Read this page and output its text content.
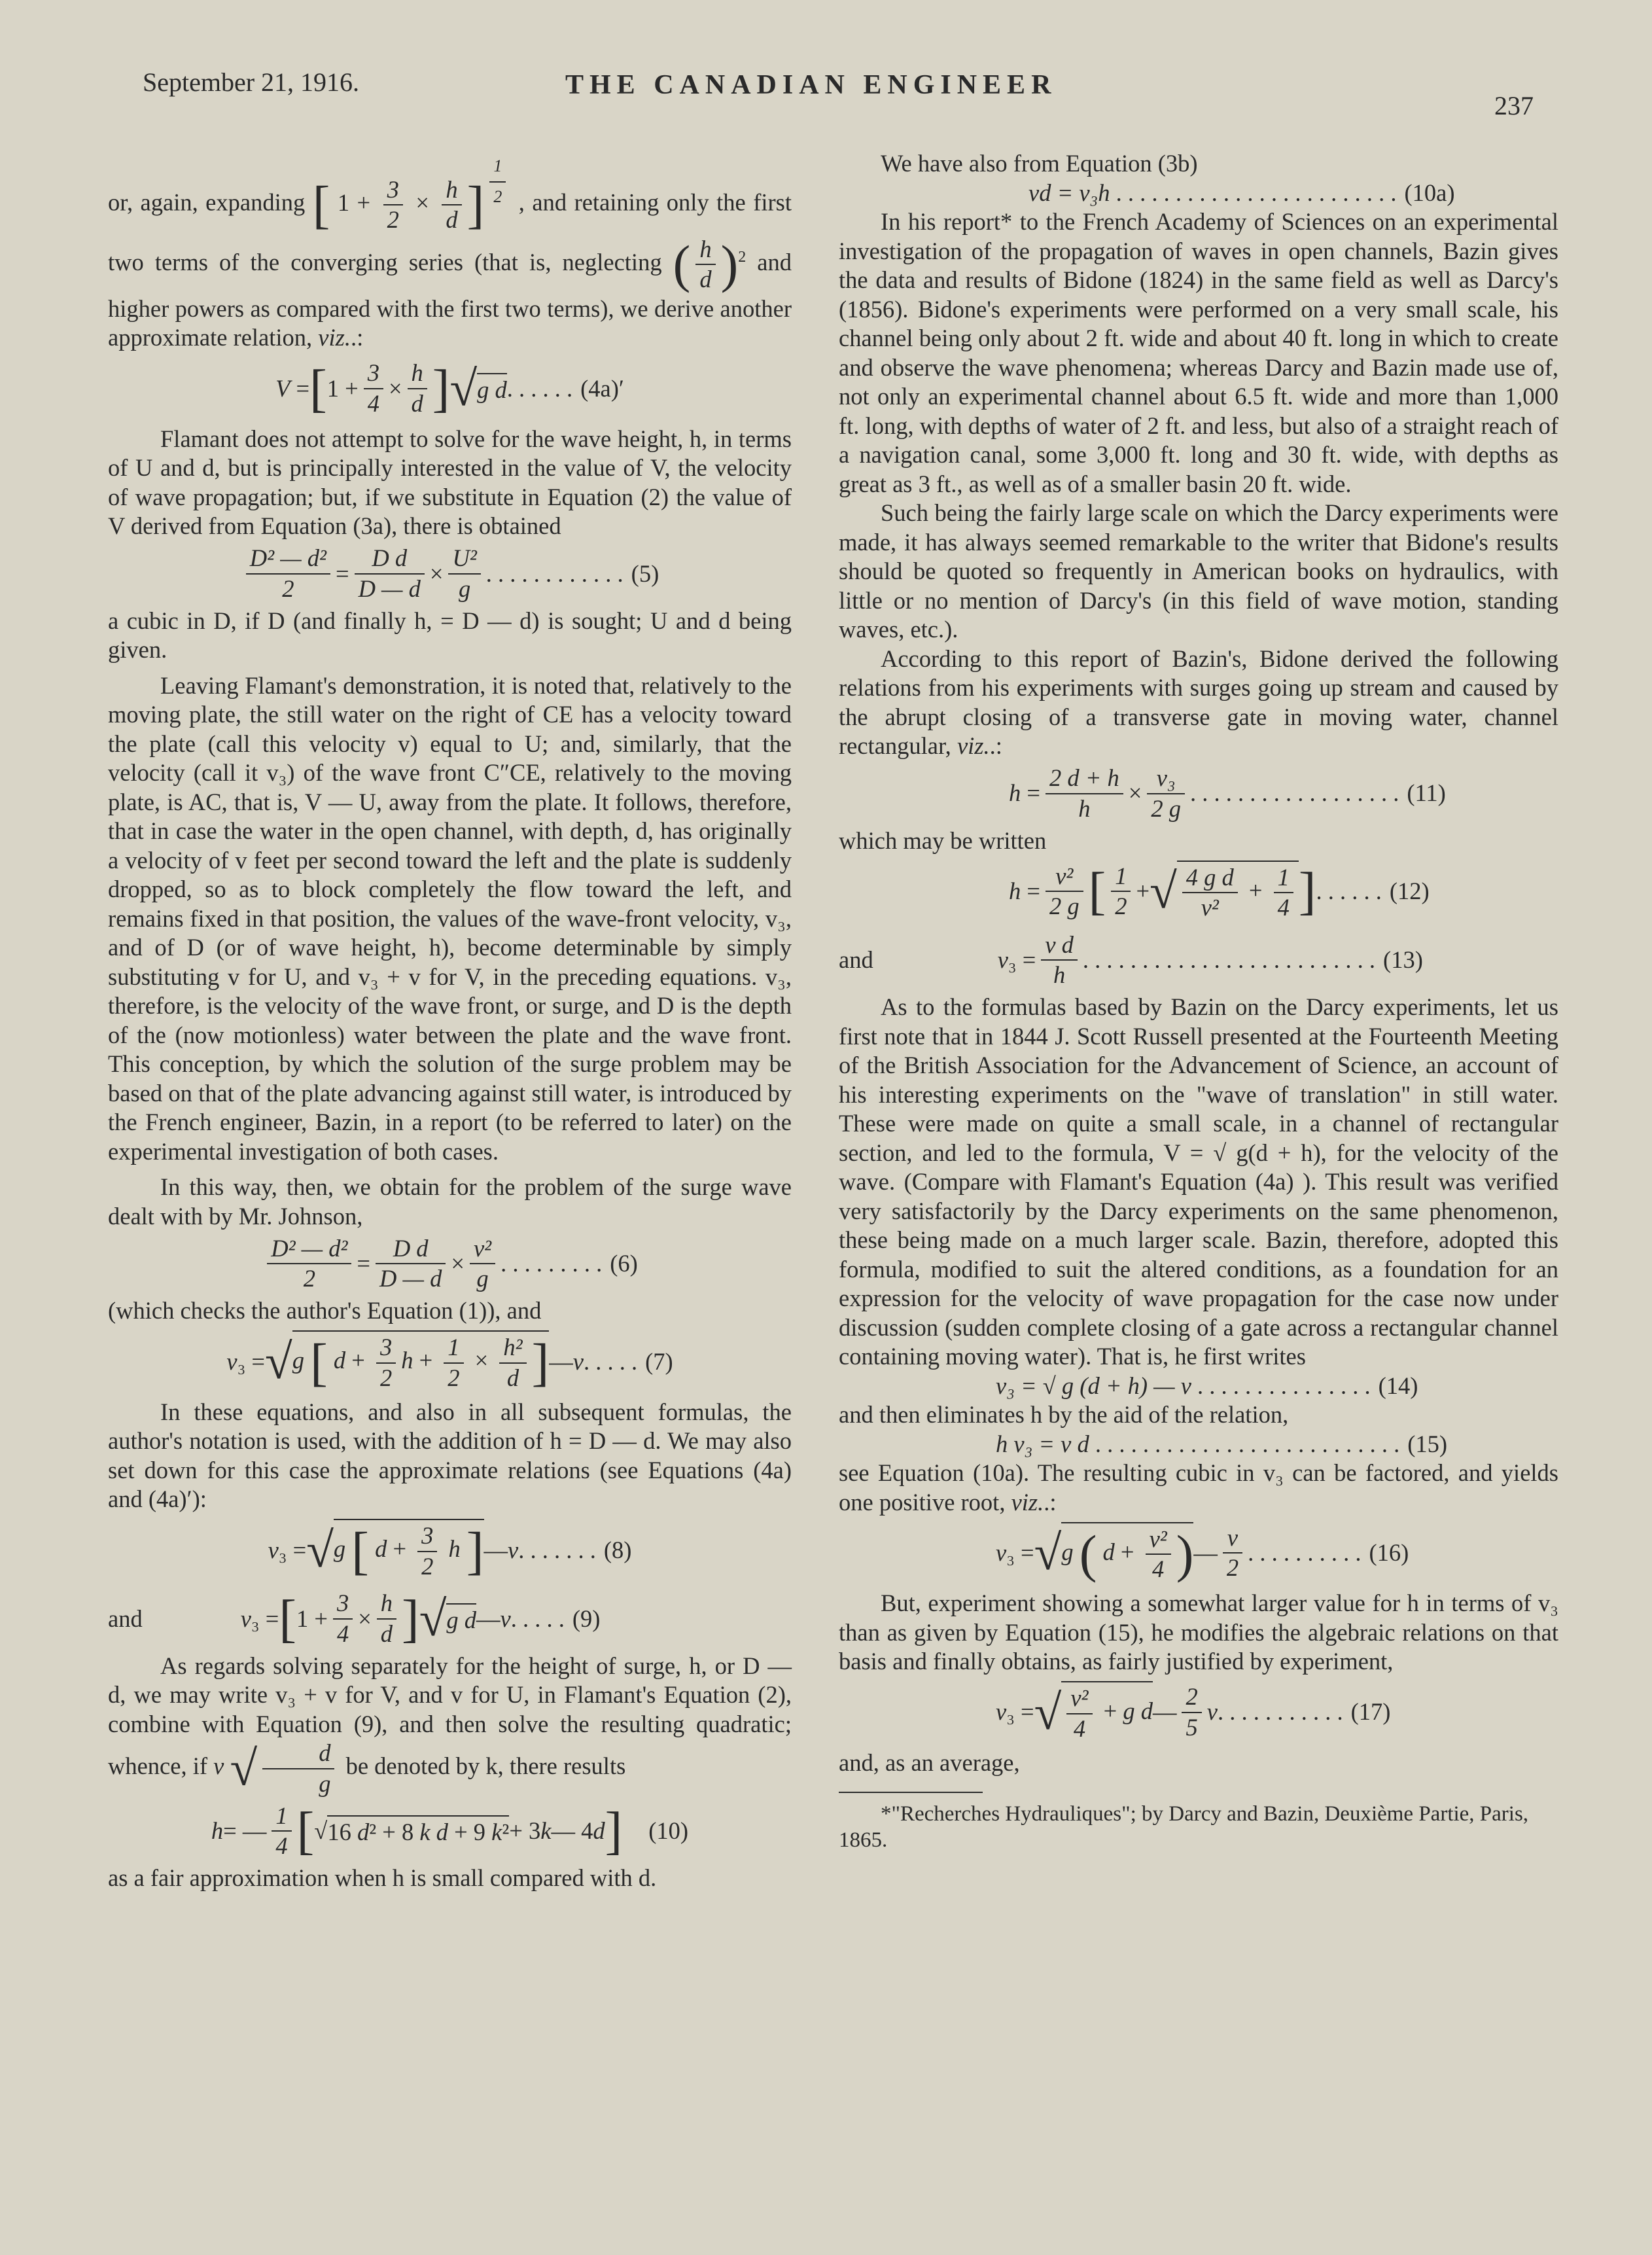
September 21, 1916.	THE CANADIAN ENGINEER
237

or, again, expanding [ $1 + \frac{3}{2} \times \frac{h}{d}$ ] $\frac{1}{2}$ , and retaining only the first two terms of the converging series (that is, neglecting ( $\frac{h}{d} )^2$ and higher powers as compared with the first two terms), we derive another approximate relation, viz..:

V = [ $1 + \frac{3}{4} \times \frac{h}{d}$ ] √ g d . . . . . . (4a)′

Flamant does not attempt to solve for the wave height, h, in terms of U and d, but is principally interested in the value of V, the velocity of wave propagation; but, if we substitute in Equation (2) the value of V derived from Equation (3a), there is obtained

$\frac{\text{D² — d²}}{2} = \frac{\text{D d}}{D — d} \times \frac{\text{U²}}{g}$ . . . . . . . . . . . . (5)

a cubic in D, if D (and finally h, = D — d) is sought; U and d being given.

Leaving Flamant's demonstration, it is noted that, relatively to the moving plate, the still water on the right of CE has a velocity toward the plate (call this velocity v) equal to U; and, similarly, that the velocity (call it v₃) of the wave front C″CE, relatively to the moving plate, is AC, that is, V — U, away from the plate. It follows, therefore, that in case the water in the open channel, with depth, d, has originally a velocity of v feet per second toward the left and the plate is suddenly dropped, so as to block completely the flow toward the left, and remains fixed in that position, the values of the wave-front velocity, v₃, and of D (or of wave height, h), become determinable by simply substituting v for U, and v₃ + v for V, in the preceding equations. v₃, therefore, is the velocity of the wave front, or surge, and D is the depth of the (now motionless) water between the plate and the wave front. This conception, by which the solution of the surge problem may be based on that of the plate advancing against still water, is introduced by the French engineer, Bazin, in a report (to be referred to later) on the experimental investigation of both cases.

In this way, then, we obtain for the problem of the surge wave dealt with by Mr. Johnson,

$\frac{\text{D² — d²}}{2} = \frac{\text{D d}}{D — d} \times \frac{\text{v²}}{g}$ . . . . . . . . . (6)

(which checks the author's Equation (1)), and

v ₃ = √ g [ $d + \frac{3}{2}$ $h + \frac{1}{2} \times \frac{\text{h²}}{d}$ ] — v . . . . . (7)

In these equations, and also in all subsequent formulas, the author's notation is used, with the addition of h = D — d. We may also set down for this case the approximate relations (see Equations (4a) and (4a)′):

v ₃ = √ g [ $d + \frac{3}{2}$ h ] — v . . . . . . . (8)
and	v ₃ = [ $1 + \frac{3}{4} \times \frac{h}{d}$ ] √ g d — v . . . . . (9)

As regards solving separately for the height of surge, h, or D — d, we may write v₃ + v for V, and v for U, in Flamant's Equation (2), combine with Equation (9), and then solve the resulting quadratic; whence, if v √ $\frac{d}{g}$ be denoted by k, there results

h = — $\frac{1}{4}$ [ √ 16 d² + 8 k d + 9 k² + 3 k — 4 d ] (10)

as a fair approximation when h is small compared with d.

We have also from Equation (3b)

vd = v₃h . . . . . . . . . . . . . . . . . . . . . . . . (10a)

In his report* to the French Academy of Sciences on an experimental investigation of the propagation of waves in open channels, Bazin gives the data and results of Bidone (1824) in the same field as well as Darcy's (1856). Bidone's experiments were performed on a very small scale, his channel being only about 2 ft. wide and about 40 ft. long in which to create and observe the wave phenomena; whereas Darcy and Bazin made use of, not only an experimental channel about 6.5 ft. wide and more than 1,000 ft. long, with depths of water of 2 ft. and less, but also of a straight reach of a navigation canal, some 3,000 ft. long and 30 ft. wide, with depths as great as 3 ft., as well as of a smaller basin 20 ft. wide.

Such being the fairly large scale on which the Darcy experiments were made, it has always seemed remarkable to the writer that Bidone's results should be quoted so frequently in American books on hydraulics, with little or no mention of Darcy's (in this field of wave motion, standing waves, etc.).

According to this report of Bazin's, Bidone derived the following relations from his experiments with surges going up stream and caused by the abrupt closing of a transverse gate in moving water, channel rectangular, viz..:

$h = \frac{2 d + h}{h} \times \frac{\text{v₃}}{2 g}$ . . . . . . . . . . . . . . . . . . (11)

which may be written

$h = \frac{\text{v²}}{2 g}$ [ $\frac{1}{2}$ + √ $\frac{\text{4 g d}}{\text{v²}} + \frac{1}{4}$ ] . . . . . . (12)
and	v $_3 = \frac{\text{v d}}{h}$ . . . . . . . . . . . . . . . . . . . . . . . . . (13)

As to the formulas based by Bazin on the Darcy experiments, let us first note that in 1844 J. Scott Russell presented at the Fourteenth Meeting of the British Association for the Advancement of Science, an account of his interesting experiments on the "wave of translation" in still water. These were made on quite a small scale, in a channel of rectangular section, and led to the formula, V = √ g(d + h), for the velocity of the wave. (Compare with Flamant's Equation (4a) ). This result was verified very satisfactorily by the Darcy experiments on the same phenomenon, these being made on a much larger scale. Bazin, therefore, adopted this formula, modified to suit the altered conditions, as a foundation for an expression for the velocity of wave propagation for the case now under discussion (sudden complete closing of a gate across a rectangular channel containing moving water). That is, he first writes

v₃ = √ g (d + h) — v . . . . . . . . . . . . . . . (14)

and then eliminates h by the aid of the relation,

h v₃ = v d . . . . . . . . . . . . . . . . . . . . . . . . . . (15)

see Equation (10a). The resulting cubic in v₃ can be factored, and yields one positive root, viz..:

v ₃ = √ g ( $d + \frac{\text{v²}}{4}$ ) — $\frac{v}{2}$ . . . . . . . . . . (16)

But, experiment showing a somewhat larger value for h in terms of v₃ than as given by Equation (15), he modifies the algebraic relations on that basis and finally obtains, as fairly justified by experiment,

v ₃ = √ $\frac{\text{v²}}{4} + g$ d — $\frac{2}{5}$ v . . . . . . . . . . . (17)

and, as an average,

*"Recherches Hydrauliques"; by Darcy and Bazin, Deuxième Partie, Paris, 1865.
